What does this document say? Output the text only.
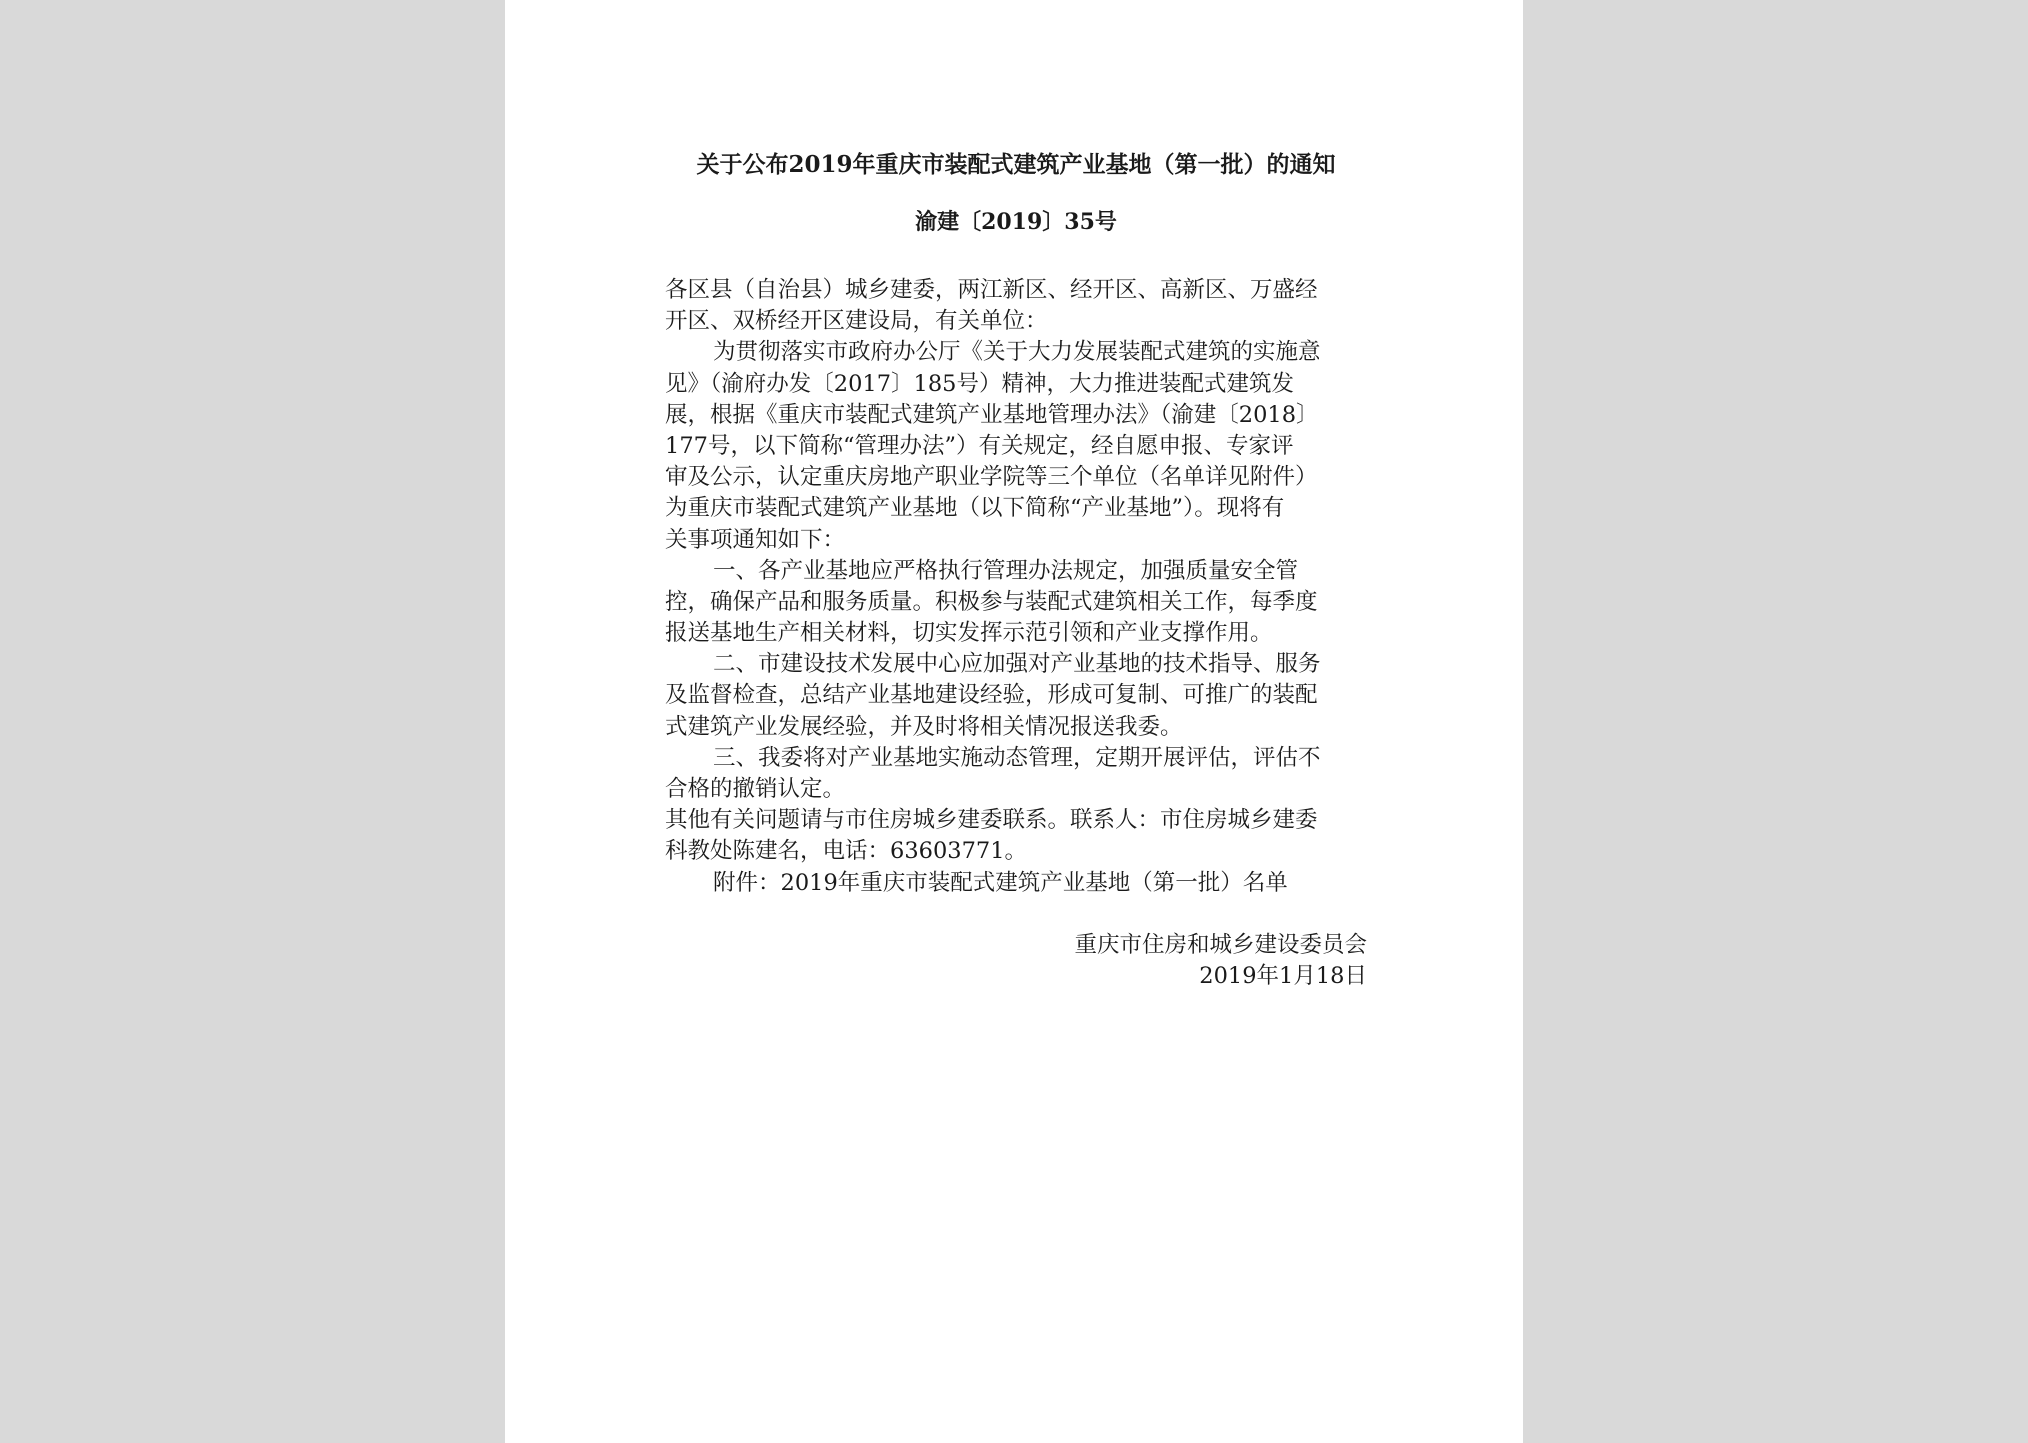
关于公布2019年重庆市装配式建筑产业基地（第一批）的通知
渝建〔2019〕35号
各区县（自治县）城乡建委，两江新区、经开区、高新区、万盛经
开区、双桥经开区建设局，有关单位：
为贯彻落实市政府办公厅《关于大力发展装配式建筑的实施意
见》（渝府办发〔2017〕185号）精神，大力推进装配式建筑发
展，根据《重庆市装配式建筑产业基地管理办法》（渝建〔2018〕
177号，以下简称“管理办法”）有关规定，经自愿申报、专家评
审及公示，认定重庆房地产职业学院等三个单位（名单详见附件）
为重庆市装配式建筑产业基地（以下简称“产业基地”）。现将有
关事项通知如下：
一、各产业基地应严格执行管理办法规定，加强质量安全管
控，确保产品和服务质量。积极参与装配式建筑相关工作，每季度
报送基地生产相关材料，切实发挥示范引领和产业支撑作用。
二、市建设技术发展中心应加强对产业基地的技术指导、服务
及监督检查，总结产业基地建设经验，形成可复制、可推广的装配
式建筑产业发展经验，并及时将相关情况报送我委。
三、我委将对产业基地实施动态管理，定期开展评估，评估不
合格的撤销认定。
其他有关问题请与市住房城乡建委联系。联系人：市住房城乡建委
科教处陈建名，电话：63603771。
附件：2019年重庆市装配式建筑产业基地（第一批）名单
重庆市住房和城乡建设委员会
2019年1月18日
